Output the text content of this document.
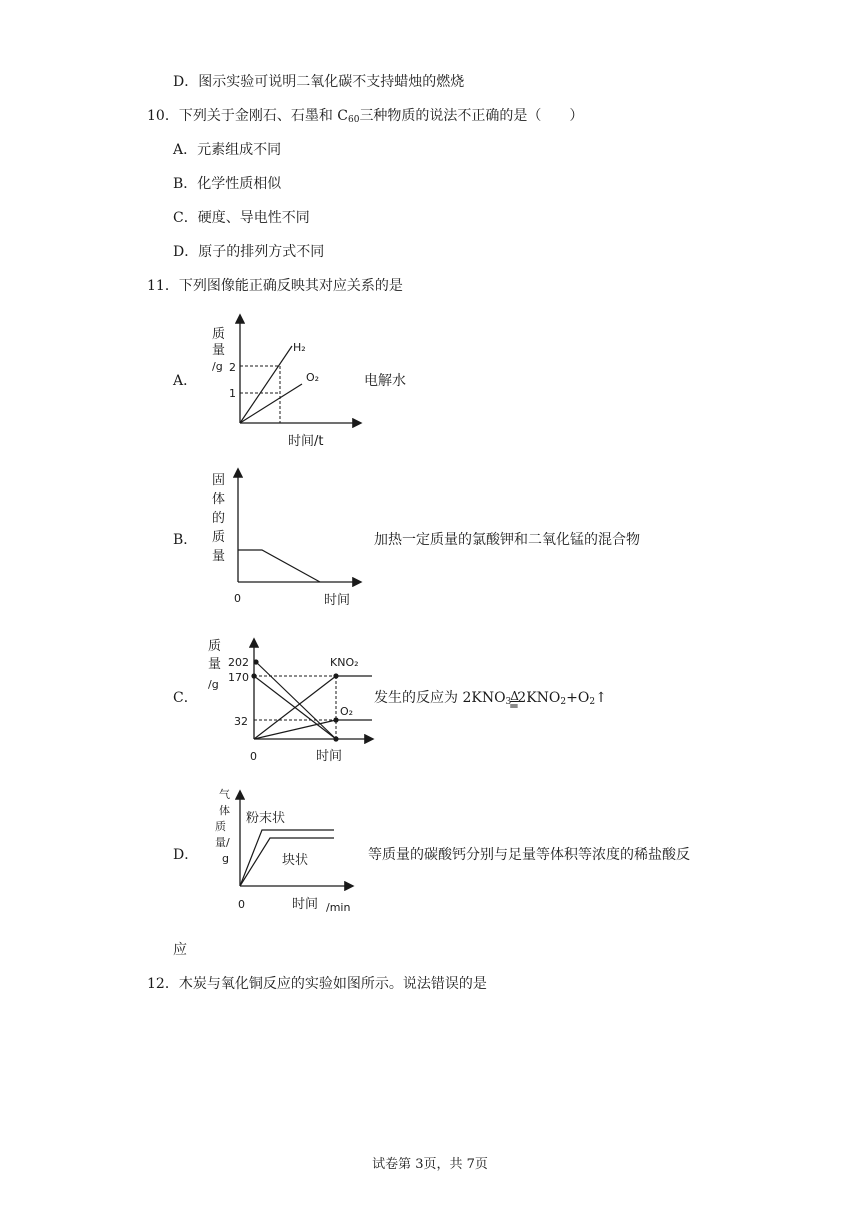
D．图示实验可说明二氧化碳不支持蜡烛的燃烧
10．下列关于金刚石、石墨和 $C_{60}$三种物质的说法不正确的是（　　）
A．元素组成不同
B．化学性质相似
C．硬度、导电性不同
D．原子的排列方式不同
11．下列图像能正确反映其对应关系的是
A．
质
量
/g 2
1
H₂
O₂
时间/t
电解水
B．
固
体
的
质
量
0	时间
加热一定质量的氯酸钾和二氧化锰的混合物
C．
质
量
/g
202
170
32
KNO₂
O₂
0	时间
发生的反应为 $2KNO_3$ Δ
═ $2KNO_2+O_2↑$
D．
气
体
质
量/
g
粉末状
块状
0	时间 /min
等质量的碳酸钙分别与足量等体积等浓度的稀盐酸反
应
12．木炭与氧化铜反应的实验如图所示。说法错误的是
试卷第 3页，共 7页
